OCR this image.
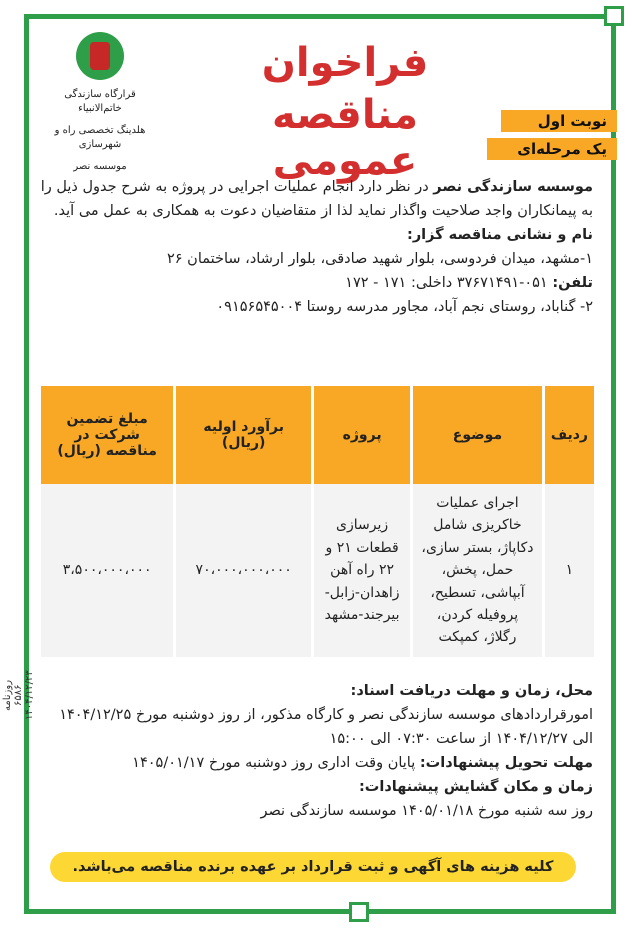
روزنامه ۶۵۸۶ ۱۴۰۴/۱۲/۲۳
قرارگاه سازندگی خاتم‌الانبیاء
هلدینگ تخصصی راه و شهرسازی
موسسه نصر
فراخوان
مناقصه عمومی
نوبت اول
یک مرحله‌ای
موسسه سازندگی نصر در نظر دارد انجام عملیات اجرایی در پروژه به شرح جدول ذیل را به پیمانکاران واجد صلاحیت واگذار نماید لذا از متقاضیان دعوت به همکاری به عمل می آید.
نام و نشانی مناقصه گزار:
۱-مشهد، میدان فردوسی، بلوار شهید صادقی، بلوار ارشاد، ساختمان ۲۶
تلفن: ۰۵۱-۳۷۶۷۱۴۹۱ داخلی: ۱۷۱ - ۱۷۲
۲- گناباد، روستای نجم آباد، مجاور مدرسه روستا ۰۹۱۵۶۵۴۵۰۰۴
ردیف	موضوع	پروژه	برآورد اولیه (ریال)	مبلغ تضمین شرکت در مناقصه (ریال)
۱	اجرای عملیات خاکریزی شامل دکاپاژ، بستر سازی، حمل، پخش، آبپاشی، تسطیح، پروفیله کردن، رگلاژ، کمپکت	زیرسازی قطعات ۲۱ و ۲۲ راه آهن زاهدان-زابل-بیرجند-مشهد	۷۰،۰۰۰،۰۰۰،۰۰۰	۳،۵۰۰،۰۰۰،۰۰۰
محل، زمان و مهلت دریافت اسناد:
امورقراردادهای موسسه سازندگی نصر و کارگاه مذکور، از روز دوشنبه مورخ ۱۴۰۴/۱۲/۲۵ الی ۱۴۰۴/۱۲/۲۷ از ساعت ۰۷:۳۰ الی ۱۵:۰۰
مهلت تحویل پیشنهادات: پایان وقت اداری روز دوشنبه مورخ ۱۴۰۵/۰۱/۱۷
زمان و مکان گشایش پیشنهادات:
روز سه شنبه مورخ ۱۴۰۵/۰۱/۱۸ موسسه سازندگی نصر
کلیه هزینه های آگهی و ثبت قرارداد بر عهده برنده مناقصه می‌باشد.
